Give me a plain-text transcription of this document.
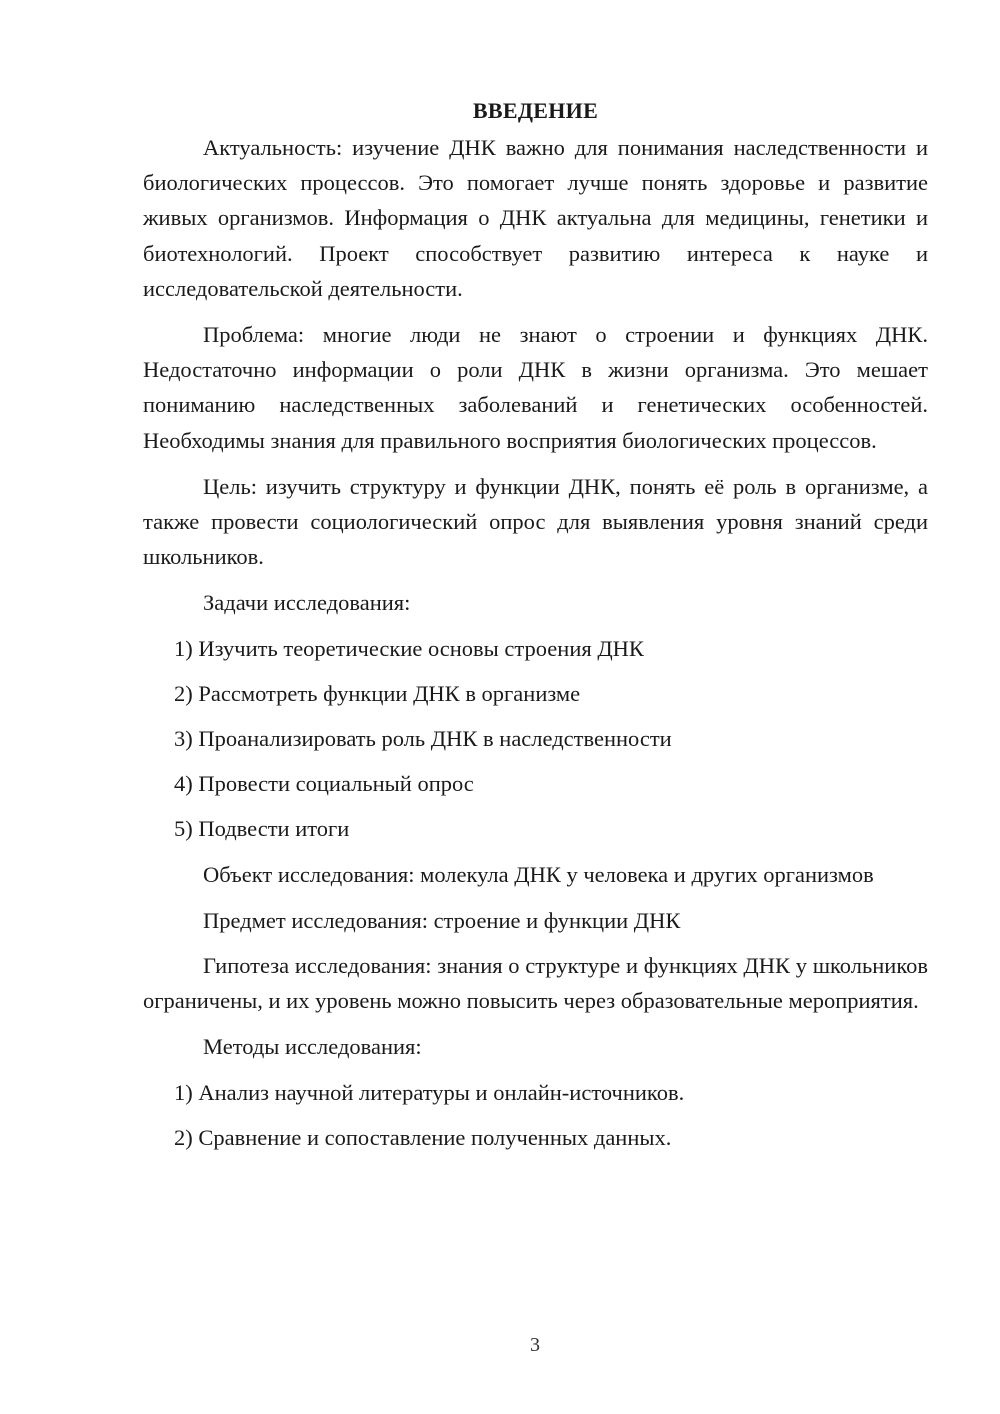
ВВЕДЕНИЕ

Актуальность: изучение ДНК важно для понимания наследственности и биологических процессов. Это помогает лучше понять здоровье и развитие живых организмов. Информация о ДНК актуальна для медицины, генетики и биотехнологий. Проект способствует развитию интереса к науке и исследовательской деятельности.

Проблема: многие люди не знают о строении и функциях ДНК. Недостаточно информации о роли ДНК в жизни организма. Это мешает пониманию наследственных заболеваний и генетических особенностей. Необходимы знания для правильного восприятия биологических процессов.

Цель: изучить структуру и функции ДНК, понять её роль в организме, а также провести социологический опрос для выявления уровня знаний среди школьников.

Задачи исследования:

1) Изучить теоретические основы строения ДНК
2) Рассмотреть функции ДНК в организме
3) Проанализировать роль ДНК в наследственности
4) Провести социальный опрос
5) Подвести итоги

Объект исследования: молекула ДНК у человека и других организмов

Предмет исследования: строение и функции ДНК

Гипотеза исследования: знания о структуре и функциях ДНК у школьников ограничены, и их уровень можно повысить через образовательные мероприятия.

Методы исследования:

1) Анализ научной литературы и онлайн-источников.
2) Сравнение и сопоставление полученных данных.
3
